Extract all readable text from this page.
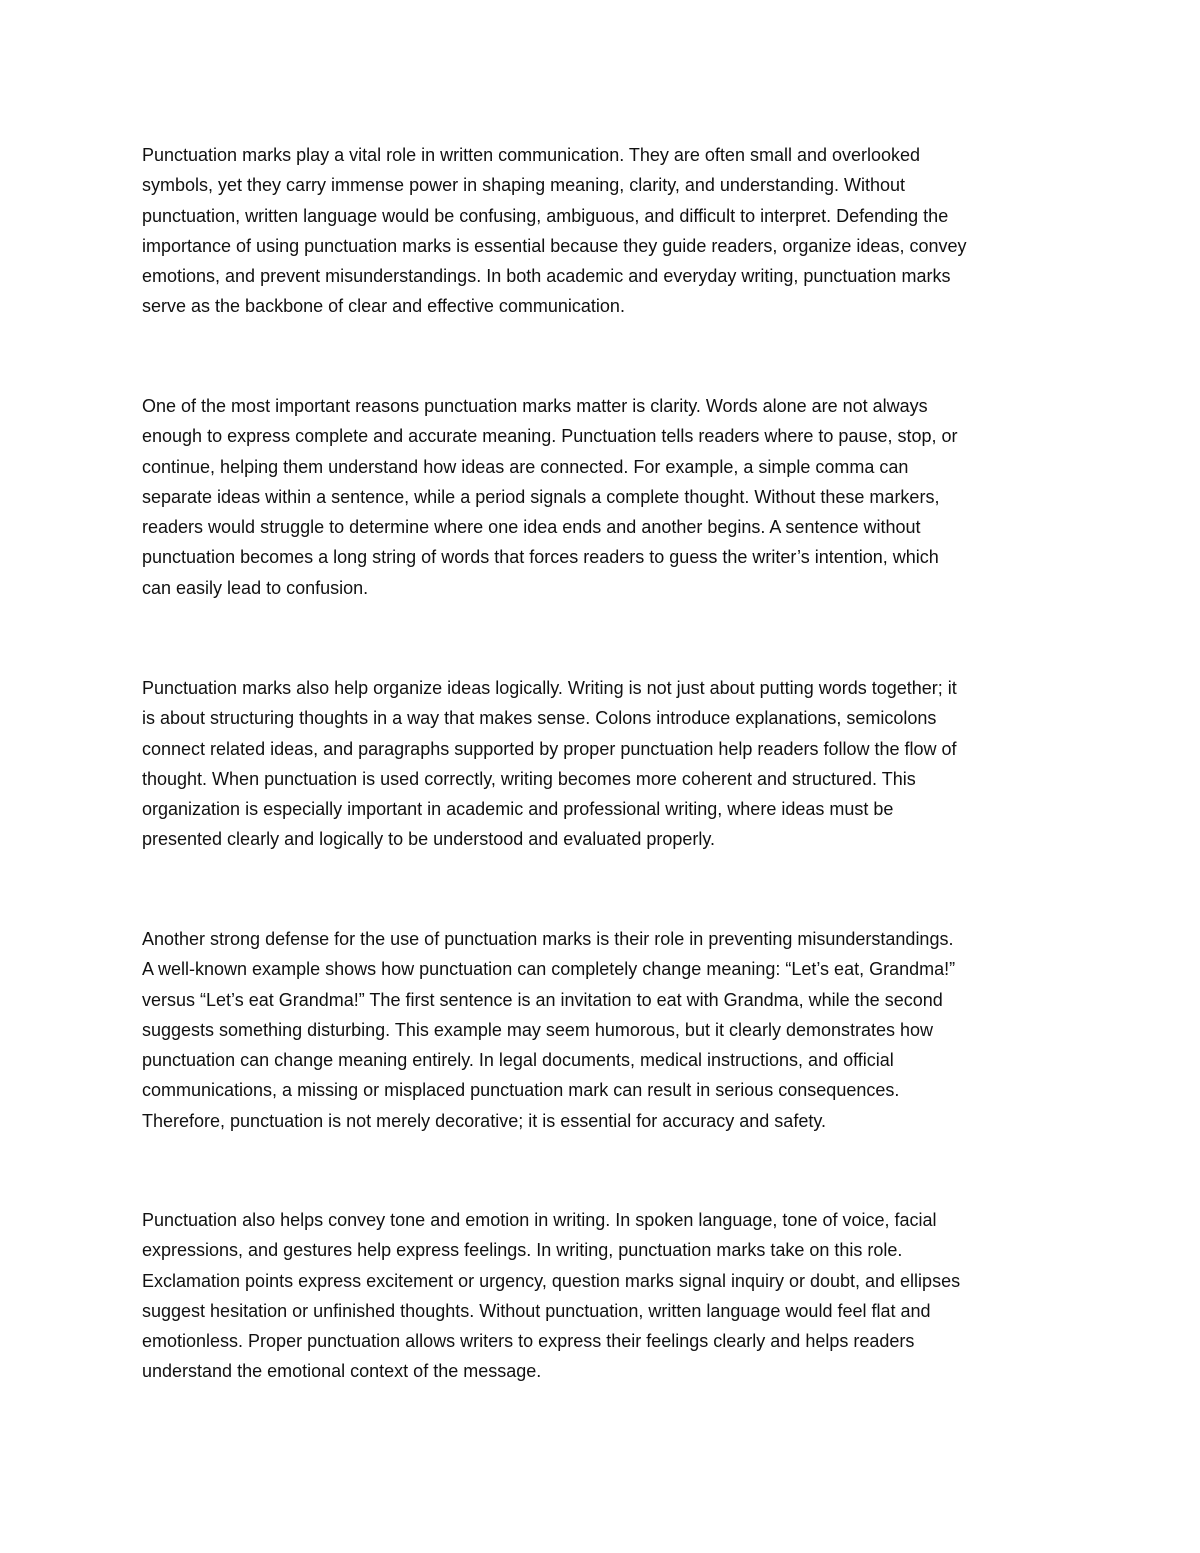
Punctuation marks play a vital role in written communication. They are often small and overlooked
symbols, yet they carry immense power in shaping meaning, clarity, and understanding. Without
punctuation, written language would be confusing, ambiguous, and difficult to interpret. Defending the
importance of using punctuation marks is essential because they guide readers, organize ideas, convey
emotions, and prevent misunderstandings. In both academic and everyday writing, punctuation marks
serve as the backbone of clear and effective communication.

One of the most important reasons punctuation marks matter is clarity. Words alone are not always
enough to express complete and accurate meaning. Punctuation tells readers where to pause, stop, or
continue, helping them understand how ideas are connected. For example, a simple comma can
separate ideas within a sentence, while a period signals a complete thought. Without these markers,
readers would struggle to determine where one idea ends and another begins. A sentence without
punctuation becomes a long string of words that forces readers to guess the writer’s intention, which
can easily lead to confusion.

Punctuation marks also help organize ideas logically. Writing is not just about putting words together; it
is about structuring thoughts in a way that makes sense. Colons introduce explanations, semicolons
connect related ideas, and paragraphs supported by proper punctuation help readers follow the flow of
thought. When punctuation is used correctly, writing becomes more coherent and structured. This
organization is especially important in academic and professional writing, where ideas must be
presented clearly and logically to be understood and evaluated properly.

Another strong defense for the use of punctuation marks is their role in preventing misunderstandings.
A well-known example shows how punctuation can completely change meaning: “Let’s eat, Grandma!”
versus “Let’s eat Grandma!” The first sentence is an invitation to eat with Grandma, while the second
suggests something disturbing. This example may seem humorous, but it clearly demonstrates how
punctuation can change meaning entirely. In legal documents, medical instructions, and official
communications, a missing or misplaced punctuation mark can result in serious consequences.
Therefore, punctuation is not merely decorative; it is essential for accuracy and safety.

Punctuation also helps convey tone and emotion in writing. In spoken language, tone of voice, facial
expressions, and gestures help express feelings. In writing, punctuation marks take on this role.
Exclamation points express excitement or urgency, question marks signal inquiry or doubt, and ellipses
suggest hesitation or unfinished thoughts. Without punctuation, written language would feel flat and
emotionless. Proper punctuation allows writers to express their feelings clearly and helps readers
understand the emotional context of the message.
